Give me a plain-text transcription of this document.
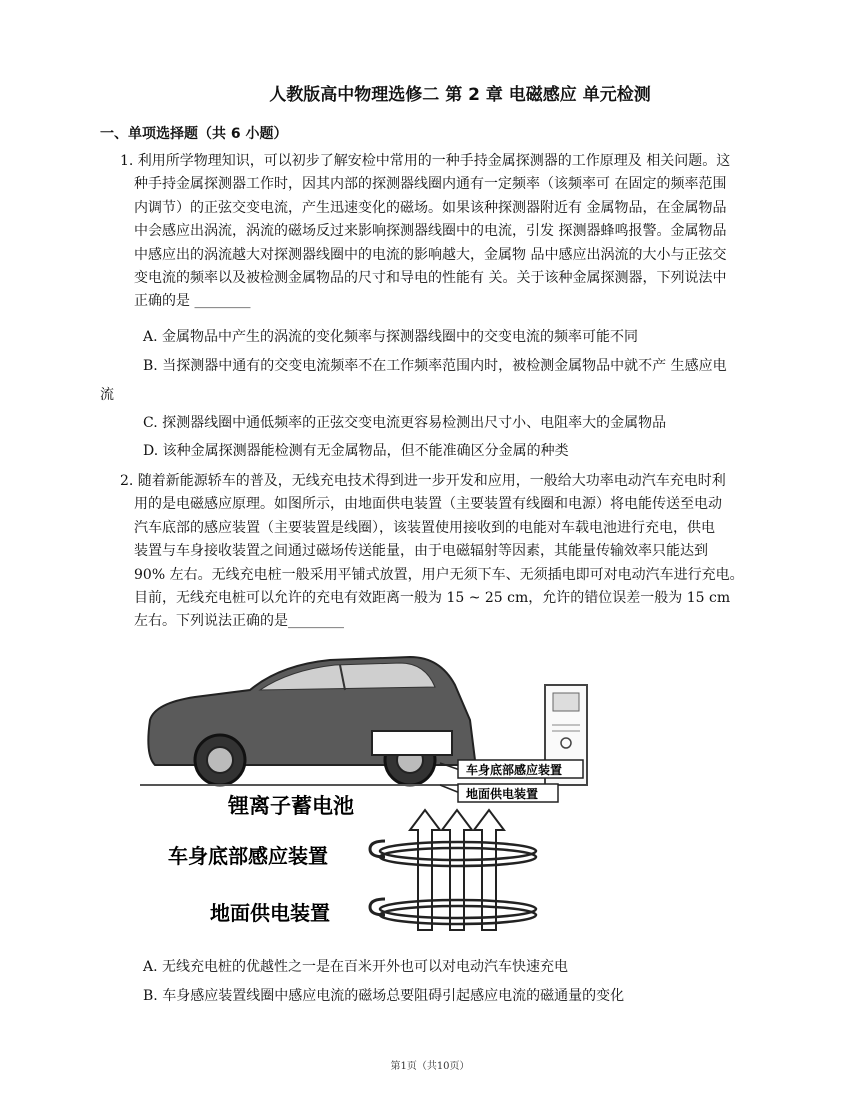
人教版高中物理选修二 第 2 章 电磁感应 单元检测
一、单项选择题（共 6 小题）
1. 利用所学物理知识，可以初步了解安检中常用的一种手持金属探测器的工作原理及 相关问题。这
种手持金属探测器工作时，因其内部的探测器线圈内通有一定频率（该频率可 在固定的频率范围
内调节）的正弦交变电流，产生迅速变化的磁场。如果该种探测器附近有 金属物品，在金属物品
中会感应出涡流，涡流的磁场反过来影响探测器线圈中的电流，引发 探测器蜂鸣报警。金属物品
中感应出的涡流越大对探测器线圈中的电流的影响越大，金属物 品中感应出涡流的大小与正弦交
变电流的频率以及被检测金属物品的尺寸和导电的性能有 关。关于该种金属探测器，下列说法中
正确的是 ________
A. 金属物品中产生的涡流的变化频率与探测器线圈中的交变电流的频率可能不同
B. 当探测器中通有的交变电流频率不在工作频率范围内时，被检测金属物品中就不产 生感应电
流
C. 探测器线圈中通低频率的正弦交变电流更容易检测出尺寸小、电阻率大的金属物品
D. 该种金属探测器能检测有无金属物品，但不能准确区分金属的种类
2. 随着新能源轿车的普及，无线充电技术得到进一步开发和应用，一般给大功率电动汽车充电时利
用的是电磁感应原理。如图所示，由地面供电装置（主要装置有线圈和电源）将电能传送至电动
汽车底部的感应装置（主要装置是线圈），该装置使用接收到的电能对车载电池进行充电，供电
装置与车身接收装置之间通过磁场传送能量，由于电磁辐射等因素，其能量传输效率只能达到
90% 左右。无线充电桩一般采用平铺式放置，用户无须下车、无须插电即可对电动汽车进行充电。
目前，无线充电桩可以允许的充电有效距离一般为 15 ~ 25 cm，允许的错位误差一般为 15 cm
左右。下列说法正确的是________
车身底部感应装置
地面供电装置
锂离子蓄电池
车身底部感应装置
地面供电装置
A. 无线充电桩的优越性之一是在百米开外也可以对电动汽车快速充电
B. 车身感应装置线圈中感应电流的磁场总要阻碍引起感应电流的磁通量的变化
第1页（共10页）
